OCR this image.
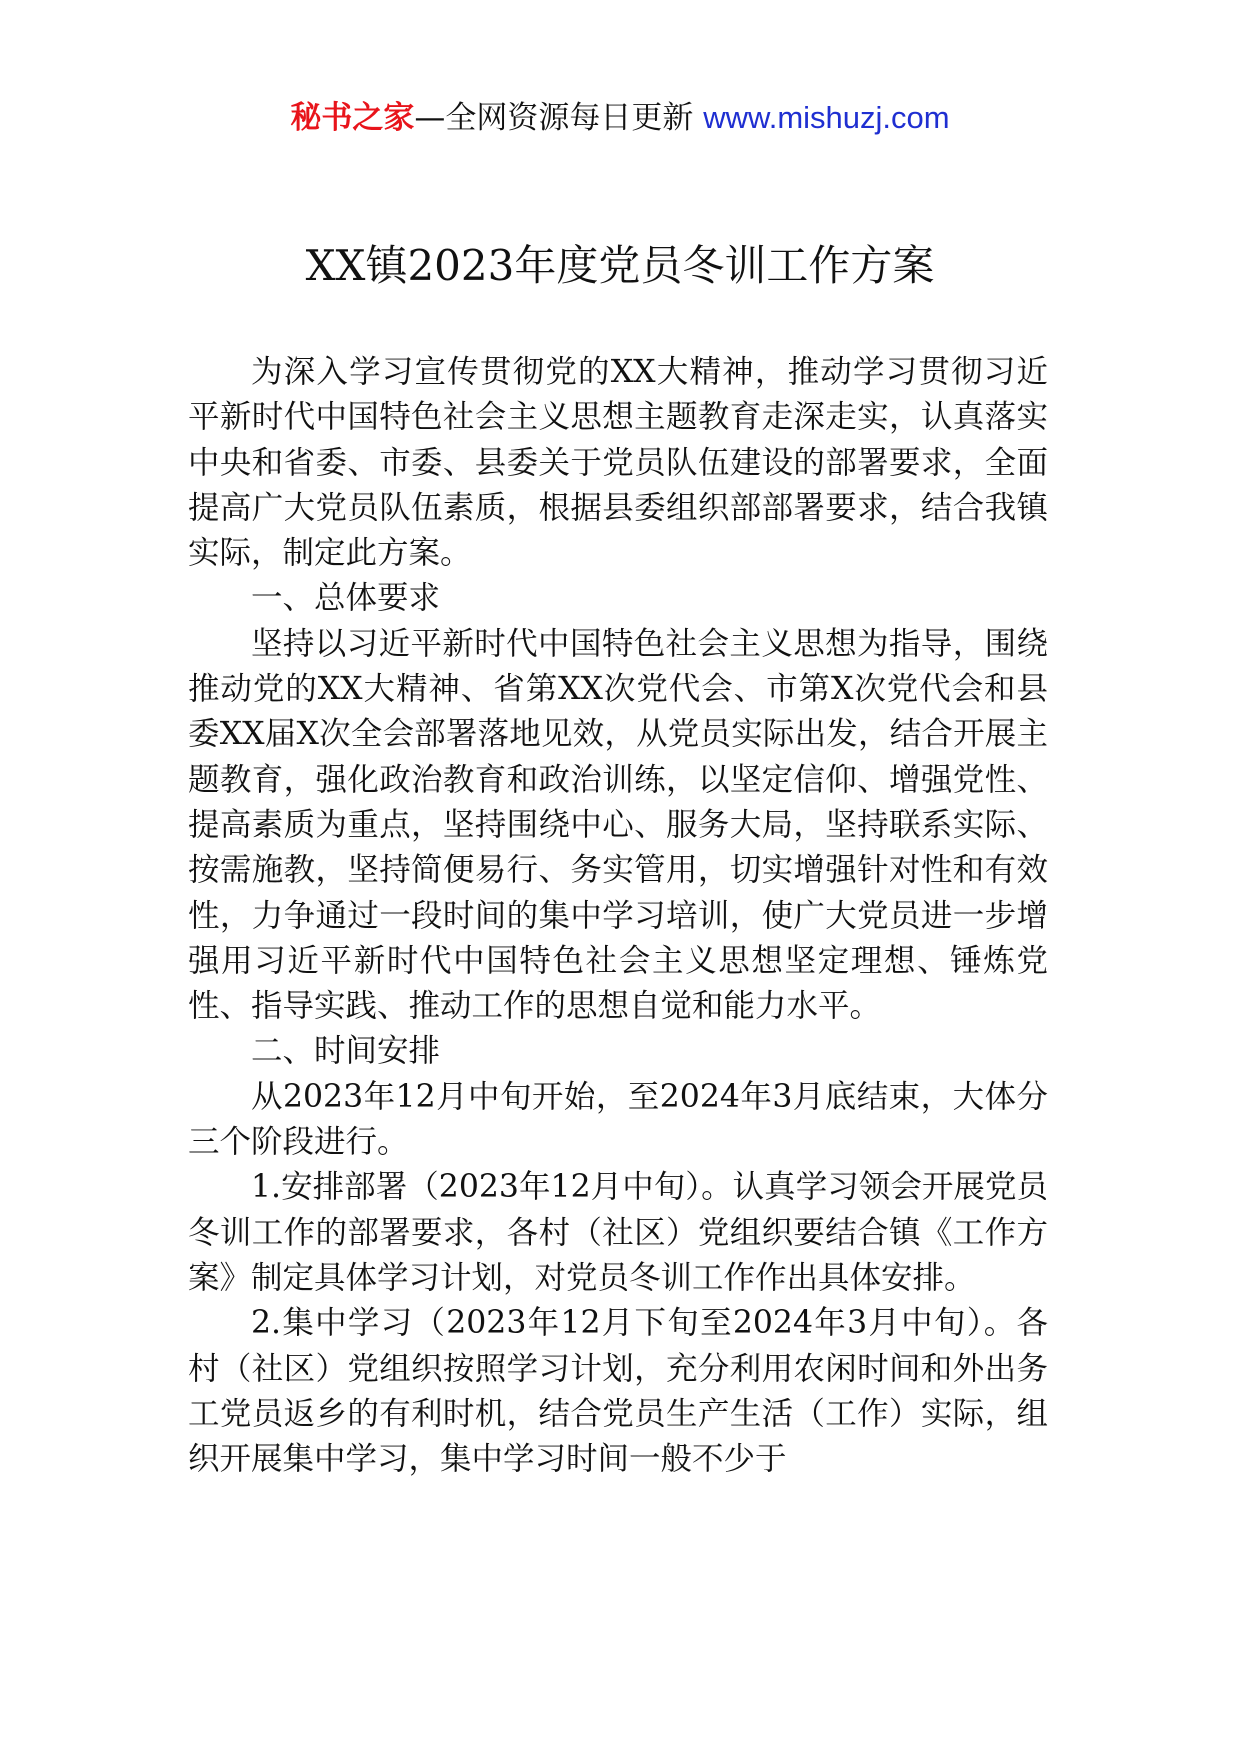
秘书之家—全网资源每日更新 www.mishuzj.com
XX镇2023年度党员冬训工作方案

为深入学习宣传贯彻党的XX大精神，推动学习贯彻习近平新时代中国特色社会主义思想主题教育走深走实，认真落实中央和省委、市委、县委关于党员队伍建设的部署要求，全面提高广大党员队伍素质，根据县委组织部部署要求，结合我镇实际，制定此方案。

一、总体要求

坚持以习近平新时代中国特色社会主义思想为指导，围绕推动党的XX大精神、省第XX次党代会、市第X次党代会和县委XX届X次全会部署落地见效，从党员实际出发，结合开展主题教育，强化政治教育和政治训练，以坚定信仰、增强党性、提高素质为重点，坚持围绕中心、服务大局，坚持联系实际、按需施教，坚持简便易行、务实管用，切实增强针对性和有效性，力争通过一段时间的集中学习培训，使广大党员进一步增强用习近平新时代中国特色社会主义思想坚定理想、锤炼党性、指导实践、推动工作的思想自觉和能力水平。

二、时间安排

从2023年12月中旬开始，至2024年3月底结束，大体分三个阶段进行。

1.安排部署（2023年12月中旬）。认真学习领会开展党员冬训工作的部署要求，各村（社区）党组织要结合镇《工作方案》制定具体学习计划，对党员冬训工作作出具体安排。

2.集中学习（2023年12月下旬至2024年3月中旬）。各村（社区）党组织按照学习计划，充分利用农闲时间和外出务工党员返乡的有利时机，结合党员生产生活（工作）实际，组织开展集中学习，集中学习时间一般不少于
